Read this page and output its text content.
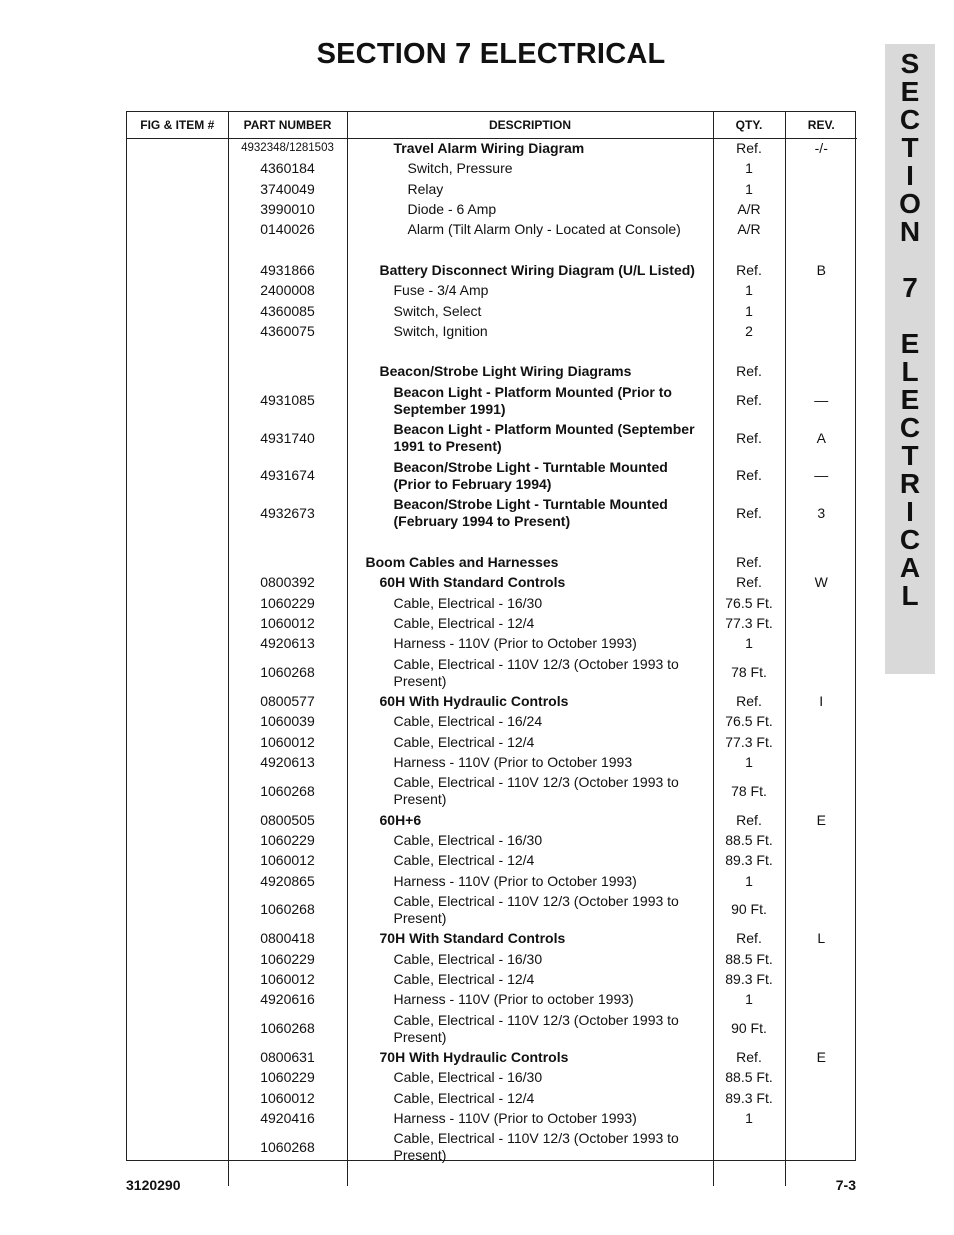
SECTION 7 ELECTRICAL	S
E
C
T
I
O
N

7

E
L
E
C
T
R
I
C
A
L
FIG & ITEM #	PART NUMBER	DESCRIPTION	QTY.	REV.
	4932348/1281503	Travel Alarm Wiring Diagram	Ref.	-/-
	4360184	Switch, Pressure	1	
	3740049	Relay	1	
	3990010	Diode - 6 Amp	A/R	
	0140026	Alarm (Tilt Alarm Only - Located at Console)	A/R	

	4931866	Battery Disconnect Wiring Diagram (U/L Listed)	Ref.	B
	2400008	Fuse - 3/4 Amp	1	
	4360085	Switch, Select	1	
	4360075	Switch, Ignition	2	

		Beacon/Strobe Light Wiring Diagrams	Ref.	
	4931085	Beacon Light - Platform Mounted (Prior to September 1991)	Ref.	—
	4931740	Beacon Light - Platform Mounted (September 1991 to Present)	Ref.	A
	4931674	Beacon/Strobe Light - Turntable Mounted (Prior to February 1994)	Ref.	—
	4932673	Beacon/Strobe Light - Turntable Mounted (February 1994 to Present)	Ref.	3

		Boom Cables and Harnesses	Ref.	
	0800392	60H With Standard Controls	Ref.	W
	1060229	Cable, Electrical - 16/30	76.5 Ft.	
	1060012	Cable, Electrical - 12/4	77.3 Ft.	
	4920613	Harness - 110V (Prior to October 1993)	1	
	1060268	Cable, Electrical - 110V 12/3 (October 1993 to Present)	78 Ft.	
	0800577	60H With Hydraulic Controls	Ref.	I
	1060039	Cable, Electrical - 16/24	76.5 Ft.	
	1060012	Cable, Electrical - 12/4	77.3 Ft.	
	4920613	Harness - 110V (Prior to October 1993	1	
	1060268	Cable, Electrical - 110V 12/3 (October 1993 to Present)	78 Ft.	
	0800505	60H+6	Ref.	E
	1060229	Cable, Electrical - 16/30	88.5 Ft.	
	1060012	Cable, Electrical - 12/4	89.3 Ft.	
	4920865	Harness - 110V (Prior to October 1993)	1	
	1060268	Cable, Electrical - 110V 12/3 (October 1993 to Present)	90 Ft.	
	0800418	70H With Standard Controls	Ref.	L
	1060229	Cable, Electrical - 16/30	88.5 Ft.	
	1060012	Cable, Electrical - 12/4	89.3 Ft.	
	4920616	Harness - 110V (Prior to october 1993)	1	
	1060268	Cable, Electrical - 110V 12/3 (October 1993 to Present)	90 Ft.	
	0800631	70H With Hydraulic Controls	Ref.	E
	1060229	Cable, Electrical - 16/30	88.5 Ft.	
	1060012	Cable, Electrical - 12/4	89.3 Ft.	
	4920416	Harness - 110V (Prior to October 1993)	1	
	1060268	Cable, Electrical - 110V 12/3 (October 1993 to Present)		

3120290	7-3
